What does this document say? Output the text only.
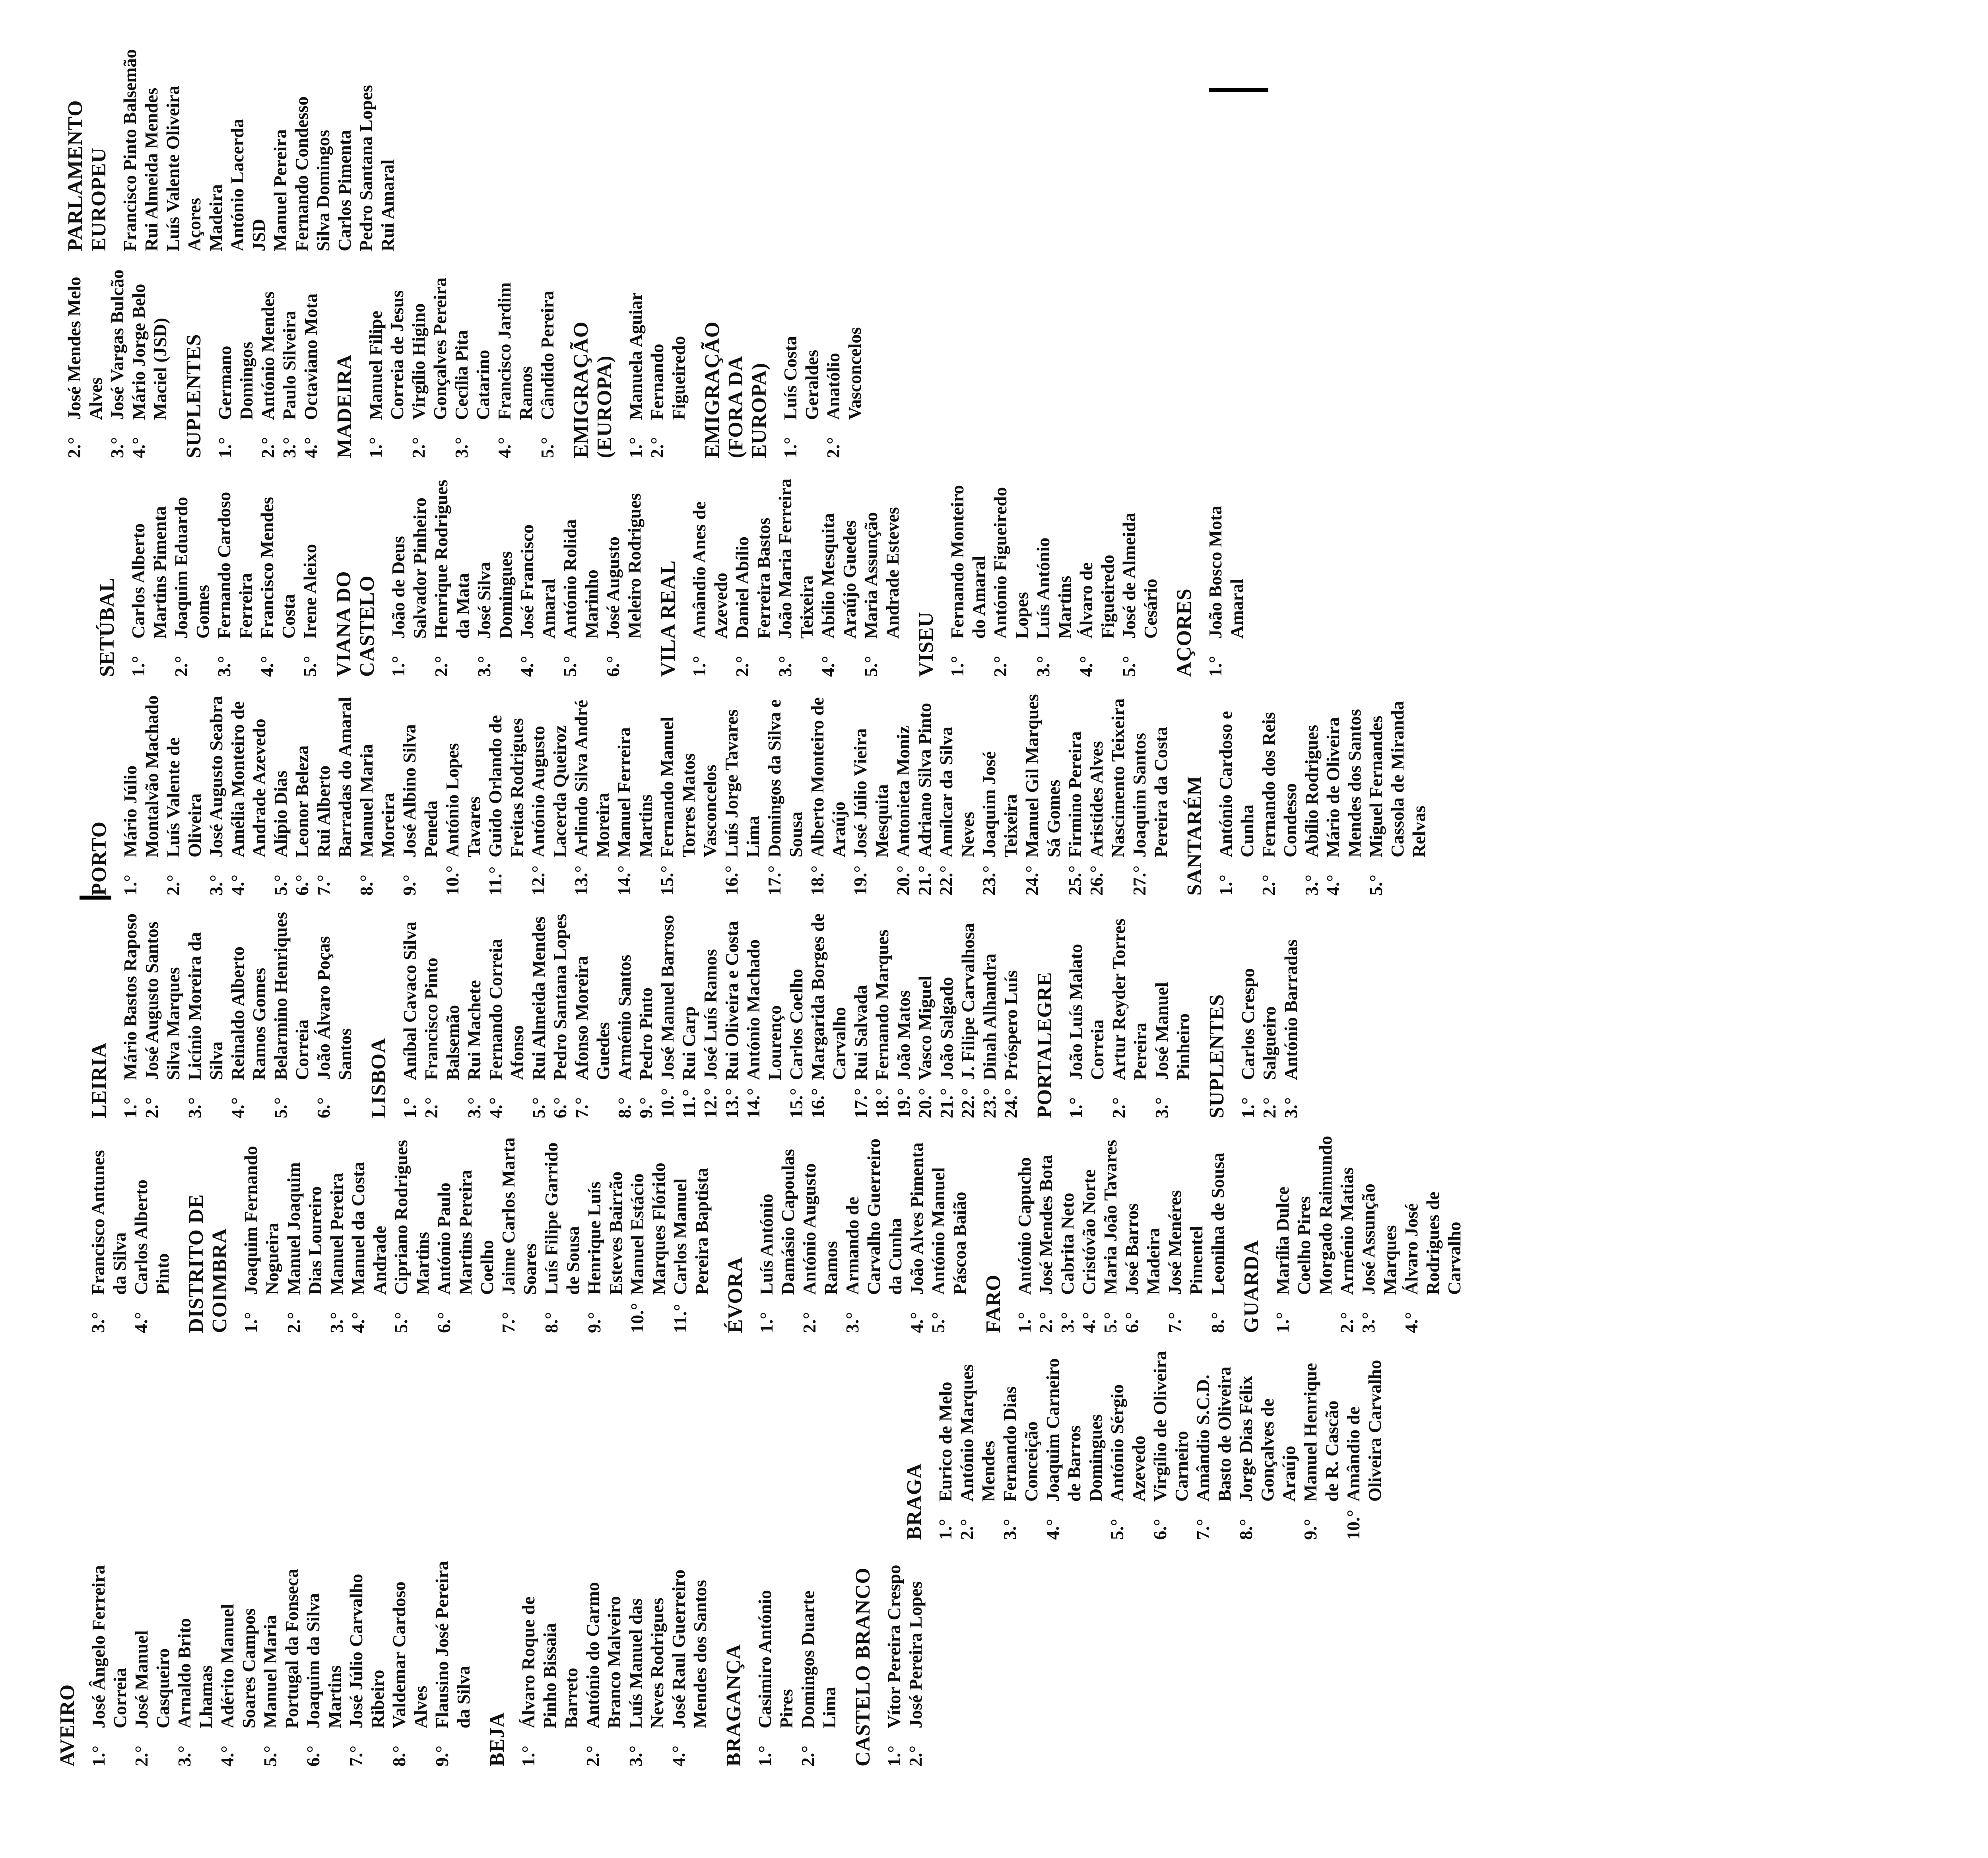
AVEIRO 1.°
José Ângelo Ferreira Correia
2.°
José Manuel Casqueiro
3.°
Arnaldo Brito Lhamas
4.°
Adérito Manuel Soares Campos
5.°
Manuel Maria Portugal da Fonseca
6.°
Joaquim da Silva Martins
7.°
José Júlio Carvalho Ribeiro
8.°
Valdemar Cardoso Alves
9.°
Flausino José Pereira da Silva
BEJA 1.°
Álvaro Roque de Pinho Bissaia Barreto
2.°
António do Carmo Branco Malveiro
3.°
Luís Manuel das Neves Rodrigues
4.°
José Raul Guerreiro Mendes dos Santos BRAGANÇA 1.°
Casimiro António Pires
2.°
Domingos Duarte Lima CASTELO BRANCO 1.°
Vítor Pereira Crespo
2.°
José Pereira Lopes
BRAGA 1.°
Eurico de Melo
2.°
António Marques Mendes
3.°
Fernando Dias Conceição
4.°
Joaquim Carneiro de Barros Domingues
5.°
António Sérgio Azevedo
6.°
Virgílio de Oliveira Carneiro
7.°
Amândio S.C.D. Basto de Oliveira
8.°
Jorge Dias Félix Gonçalves de Araújo
9.°
Manuel Henrique de R. Cascão
10.°
Amândio de Oliveira Carvalho
3.°
Francisco Antunes da Silva
4.°
Carlos Alberto Pinto DISTRITO DE COIMBRA 1.°
Joaquim Fernando Nogueira
2.°
Manuel Joaquim Dias Loureiro
3.°
Manuel Pereira
4.°
Manuel da Costa Andrade
5.°
Cipriano Rodrigues Martins
6.°
António Paulo Martins Pereira Coelho
7.°
Jaime Carlos Marta Soares
8.°
Luís Filipe Garrido de Sousa
9.°
Henrique Luís Esteves Bairrão
10.°
Manuel Estácio Marques Flórido
11.°
Carlos Manuel Pereira Baptista
ÉVORA 1.°
Luís António Damásio Capoulas
2.°
António Augusto Ramos
3.°
Armando de Carvalho Guerreiro da Cunha
4.°
João Alves Pimenta
5.°
António Manuel Páscoa Baião
FARO 1.°
António Capucho
2.°
José Mendes Bota
3.°
Cabrita Neto
4.°
Cristóvão Norte
5.°
Maria João Tavares
6.°
José Barros Madeira
7.°
José Menéres Pimentel
8.°
Leonilna de Sousa GUARDA 1.°
Marília Dulce Coelho Pires Morgado Raimundo
2.°
Arménio Matias
3.°
José Assunção Marques
4.°
Álvaro José Rodrigues de Carvalho
LEIRIA 1.°
Mário Bastos Raposo
2.°
José Augusto Santos Silva Marques
3.°
Licínio Moreira da Silva
4.°
Reinaldo Alberto Ramos Gomes
5.°
Belarmino Henriques Correia
6.°
João Álvaro Poças Santos LISBOA 1.°
Aníbal Cavaco Silva
2.°
Francisco Pinto Balsemão
3.°
Rui Machete
4.°
Fernando Correia Afonso
5.°
Rui Almeida Mendes
6.°
Pedro Santana Lopes
7.°
Afonso Moreira Guedes
8.°
Arménio Santos
9.°
Pedro Pinto
10.°
José Manuel Barroso
11.°
Rui Carp
12.°
José Luís Ramos
13.°
Rui Oliveira e Costa
14.°
António Machado Lourenço
15.°
Carlos Coelho
16.°
Margarida Borges de Carvalho
17.°
Rui Salvada
18.°
Fernando Marques
19.°
João Matos
20.°
Vasco Miguel
21.°
João Salgado
22.°
J. Filipe Carvalhosa
23.°
Dinah Alhandra
24.°
Próspero Luís PORTALEGRE 1.°
João Luís Malato Correia
2.°
Artur Reyder Torres Pereira
3.°
José Manuel Pinheiro SUPLENTES 1.°
Carlos Crespo
2.°
Salgueiro
3.°
António Barradas
PORTO 1.°
Mário Júlio Montalvão Machado
2.°
Luís Valente de Oliveira
3.°
José Augusto Seabra
4.°
Amélia Monteiro de Andrade Azevedo
5.°
Alípio Dias
6.°
Leonor Beleza
7.°
Rui Alberto Barradas do Amaral
8.°
Manuel Maria Moreira
9.°
José Albino Silva Peneda
10.°
António Lopes Tavares
11.°
Guido Orlando de Freitas Rodrigues
12.°
António Augusto Lacerda Queiroz
13.°
Arlindo Silva André Moreira
14.°
Manuel Ferreira Martins
15.°
Fernando Manuel Torres Matos Vasconcelos
16.°
Luís Jorge Tavares Lima
17.°
Domingos da Silva e Sousa
18.°
Alberto Monteiro de Araújo
19.°
José Júlio Vieira Mesquita
20.°
Antonieta Moniz
21.°
Adriano Silva Pinto
22.°
Amílcar da Silva Neves
23.°
Joaquim José Teixeira
24.°
Manuel Gil Marques Sá Gomes
25.°
Firmino Pereira
26.°
Aristides Alves Nascimento Teixeira
27.°
Joaquim Santos Pereira da Costa SANTARÉM 1.°
António Cardoso e Cunha
2.°
Fernando dos Reis Condesso
3.°
Abílio Rodrigues
4.°
Mário de Oliveira Mendes dos Santos
5.°
Miguel Fernandes Cassola de Miranda Relvas
SETÚBAL 1.°
Carlos Alberto Martins Pimenta
2.°
Joaquim Eduardo Gomes
3.°
Fernando Cardoso Ferreira
4.°
Francisco Mendes Costa
5.°
Irene Aleixo VIANA DO CASTELO 1.°
João de Deus Salvador Pinheiro
2.°
Henrique Rodrigues da Mata
3.°
José Silva Domingues
4.°
José Francisco Amaral
5.°
António Rolida Marinho
6.°
José Augusto Meleiro Rodrigues VILA REAL 1.°
Amândio Anes de Azevedo
2.°
Daniel Abílio Ferreira Bastos
3.°
João Maria Ferreira Teixeira
4.°
Abílio Mesquita Araújo Guedes
5.°
Maria Assunção Andrade Esteves
VISEU 1.°
Fernando Monteiro do Amaral
2.°
António Figueiredo Lopes
3.°
Luís António Martins
4.°
Álvaro de Figueiredo
5.°
José de Almeida Cesário AÇORES 1.°
João Bosco Mota Amaral
2.°
José Mendes Melo Alves
3.°
José Vargas Bulcão
4.°
Mário Jorge Belo Maciel (JSD) SUPLENTES 1.°
Germano Domingos
2.°
António Mendes
3.°
Paulo Silveira
4.°
Octaviano Mota MADEIRA 1.°
Manuel Filipe Correia de Jesus
2.°
Virgílio Higino Gonçalves Pereira
3.°
Cecília Pita Catarino
4.°
Francisco Jardim Ramos
5.°
Cândido Pereira EMIGRAÇÃO (EUROPA) 1.°
Manuela Aguiar
2.°
Fernando Figueiredo EMIGRAÇÃO (FORA DA EUROPA) 1.°
Luís Costa Geraldes
2.°
Anatólio Vasconcelos
PARLAMENTO EUROPEU Francisco Pinto Balsemão Rui Almeida Mendes Luís Valente Oliveira Açores Madeira António Lacerda JSD Manuel Pereira Fernando Condesso Silva Domingos Carlos Pimenta Pedro Santana Lopes Rui Amaral
